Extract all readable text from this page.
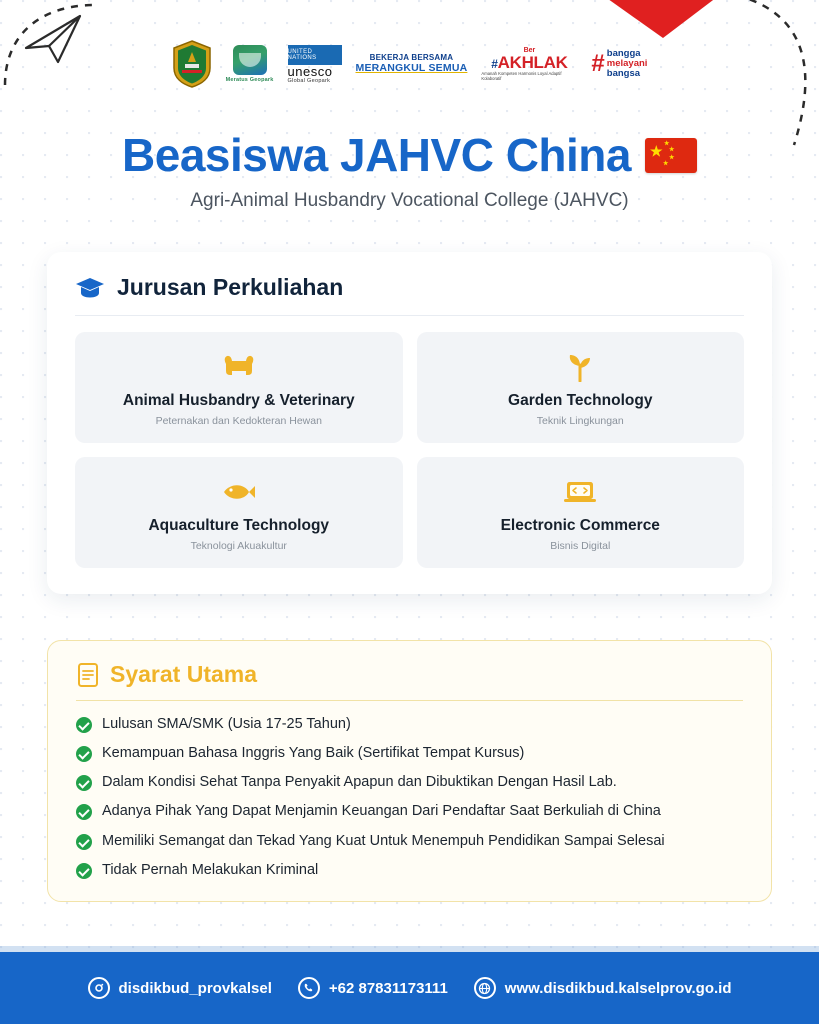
Meratus Geopark
UNITED NATIONS
unesco
Global Geopark
BEKERJA BERSAMA
MERANGKUL SEMUA
Ber
#AKHLAK
Amanah Kompeten Harmonis Loyal Adaptif Kolaboratif
# bangga
melayani
bangsa
Beasiswa JAHVC China ★ ★
★
★
★
Agri-Animal Husbandry Vocational College (JAHVC)
Jurusan Perkuliahan
Animal Husbandry & Veterinary
Peternakan dan Kedokteran Hewan
Garden Technology
Teknik Lingkungan
Aquaculture Technology
Teknologi Akuakultur
Electronic Commerce
Bisnis Digital
Syarat Utama
Lulusan SMA/SMK (Usia 17-25 Tahun)
Kemampuan Bahasa Inggris Yang Baik (Sertifikat Tempat Kursus)
Dalam Kondisi Sehat Tanpa Penyakit Apapun dan Dibuktikan Dengan Hasil Lab.
Adanya Pihak Yang Dapat Menjamin Keuangan Dari Pendaftar Saat Berkuliah di China
Memiliki Semangat dan Tekad Yang Kuat Untuk Menempuh Pendidikan Sampai Selesai
Tidak Pernah Melakukan Kriminal
disdikbud_provkalsel	+62 87831173111	www.disdikbud.kalselprov.go.id
